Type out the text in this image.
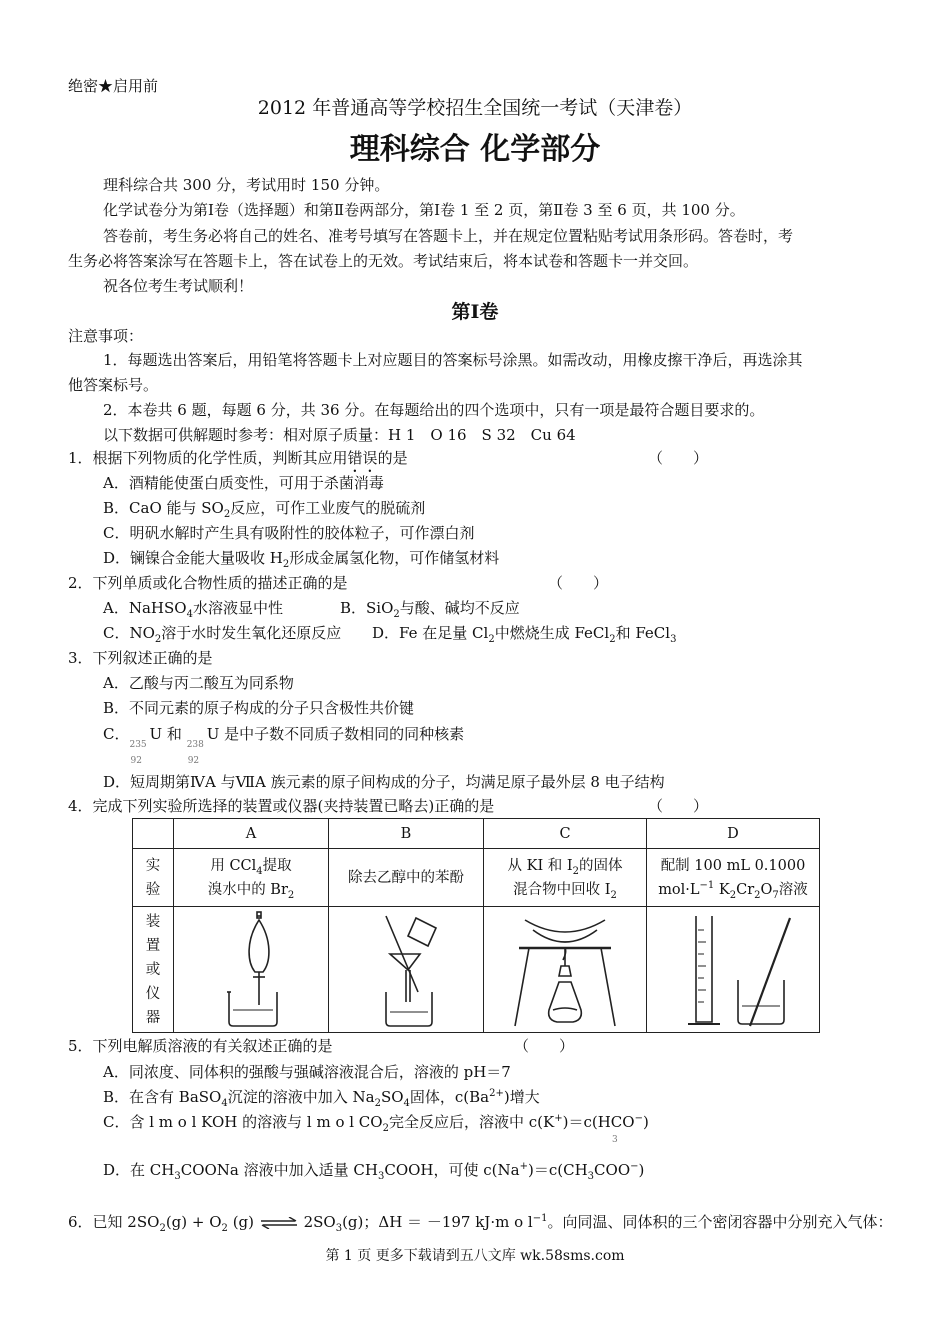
绝密★启用前
2012 年普通高等学校招生全国统一考试（天津卷）
理科综合 化学部分
理科综合共 300 分，考试用时 150 分钟。
化学试卷分为第Ⅰ卷（选择题）和第Ⅱ卷两部分，第Ⅰ卷 1 至 2 页，第Ⅱ卷 3 至 6 页，共 100 分。
答卷前，考生务必将自己的姓名、准考号填写在答题卡上，并在规定位置粘贴考试用条形码。答卷时，考
生务必将答案涂写在答题卡上，答在试卷上的无效。考试结束后，将本试卷和答题卡一并交回。
祝各位考生考试顺利！
第Ⅰ卷
注意事项：
1．每题选出答案后，用铅笔将答题卡上对应题目的答案标号涂黑。如需改动，用橡皮擦干净后，再选涂其
他答案标号。
2．本卷共 6 题，每题 6 分，共 36 分。在每题给出的四个选项中，只有一项是最符合题目要求的。
以下数据可供解题时参考：相对原子质量：H 1　O 16　S 32　Cu 64
1．根据下列物质的化学性质，判断其应用错误的是	（　　）
A．酒精能使蛋白质变性，可用于杀菌消毒
B．CaO 能与 $SO_2$反应，可作工业废气的脱硫剂
C．明矾水解时产生具有吸附性的胶体粒子，可作漂白剂
D．镧镍合金能大量吸收 $H_2$形成金属氢化物，可作储氢材料
2．下列单质或化合物性质的描述正确的是	（　　）
A．NaHSO$_4$水溶液显中性	B．SiO$_2$与酸、碱均不反应
C．$NO_2$溶于水时发生氧化还原反应 D．Fe 在足量 $Cl_2$中燃烧生成 FeCl$_2$和 FeCl$_3$
3．下列叙述正确的是
A．乙酸与丙二酸互为同系物
B．不同元素的原子构成的分子只含极性共价键
C．
235
92
U 和
238
92
U 是中子数不同质子数相同的同种核素
D．短周期第ⅣA 与ⅦA 族元素的原子间构成的分子，均满足原子最外层 8 电子结构
4．完成下列实验所选择的装置或仪器(夹持装置已略去)正确的是	（　　）
	A	B	C	D

实
验	用 CCl$_4$提取
溴水中的 $Br_2$	除去乙醇中的苯酚	从 KI 和 $I_2$的固体
混合物中回收 $I_2$	配制 100 mL 0.1000
$mol\cdot L^{-1}$ $K_2Cr_2O_7$溶液

装
置
或
仪
器

5．下列电解质溶液的有关叙述正确的是	（　　）
A．同浓度、同体积的强酸与强碱溶液混合后，溶液的 pH＝7
B．在含有 BaSO$_4$沉淀的溶液中加入 $Na_2SO_4$固体，$c(Ba^{2+})$增大
C．含 l m o l KOH 的溶液与 l m o l $CO_2$完全反应后，溶液中 c(K+)＝c(HCO−)
3
D．在 $CH_3COONa$ 溶液中加入适量 $CH_3COOH$，可使 $c(Na^+)=c(CH_3COO^-)$
6．已知 $2SO_2(g) + O_2$ (g) ⇌ $2SO_3(g)$；ΔH ＝ －197 kJ·m o $l^{-1}$。向同温、同体积的三个密闭容器中分别充入气体：
第 1 页 更多下载请到五八文库 wk.58sms.com
